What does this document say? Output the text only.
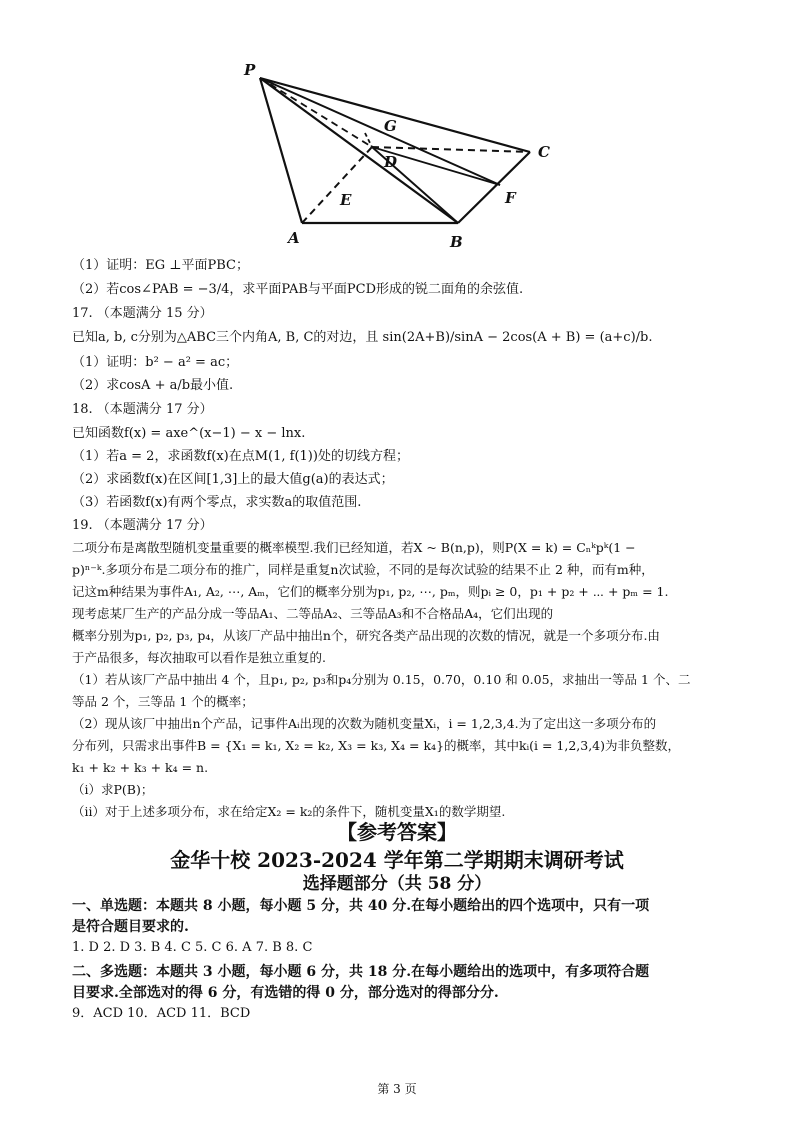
P
G
C
D
E	F
A	B
（1）证明：EG ⊥平面PBC；
（2）若cos∠PAB = −3/4，求平面PAB与平面PCD形成的锐二面角的余弦值.
17. （本题满分 15 分）
已知a, b, c分别为△ABC三个内角A, B, C的对边，且 sin(2A+B)/sinA − 2cos(A + B) = (a+c)/b.
（1）证明：b² − a² = ac；
（2）求cosA + a/b最小值.
18. （本题满分 17 分）
已知函数f(x) = axe^(x−1) − x − lnx.
（1）若a = 2，求函数f(x)在点M(1, f(1))处的切线方程；
（2）求函数f(x)在区间[1,3]上的最大值g(a)的表达式；
（3）若函数f(x)有两个零点，求实数a的取值范围.
19. （本题满分 17 分）
二项分布是离散型随机变量重要的概率模型.我们已经知道，若X ~ B(n,p)，则P(X = k) = Cₙᵏpᵏ(1 −
p)ⁿ⁻ᵏ.多项分布是二项分布的推广，同样是重复n次试验，不同的是每次试验的结果不止 2 种，而有m种，
记这m种结果为事件A₁, A₂, ⋯, Aₘ，它们的概率分别为p₁, p₂, ⋯, pₘ，则pᵢ ≥ 0，p₁ + p₂ + ⋯ + pₘ = 1.
现考虑某厂生产的产品分成一等品A₁、二等品A₂、三等品A₃和不合格品A₄，它们出现的
概率分别为p₁, p₂, p₃, p₄，从该厂产品中抽出n个，研究各类产品出现的次数的情况，就是一个多项分布.由
于产品很多，每次抽取可以看作是独立重复的.
（1）若从该厂产品中抽出 4 个，且p₁, p₂, p₃和p₄分别为 0.15，0.70，0.10 和 0.05，求抽出一等品 1 个、二
等品 2 个，三等品 1 个的概率；
（2）现从该厂中抽出n个产品，记事件Aᵢ出现的次数为随机变量Xᵢ，i = 1,2,3,4.为了定出这一多项分布的
分布列，只需求出事件B = {X₁ = k₁, X₂ = k₂, X₃ = k₃, X₄ = k₄}的概率，其中kᵢ(i = 1,2,3,4)为非负整数，
k₁ + k₂ + k₃ + k₄ = n.
（ⅰ）求P(B)；
（ⅱ）对于上述多项分布，求在给定X₂ = k₂的条件下，随机变量X₁的数学期望.
【参考答案】
金华十校 2023-2024 学年第二学期期末调研考试
选择题部分（共 58 分）
一、单选题：本题共 8 小题，每小题 5 分，共 40 分.在每小题给出的四个选项中，只有一项
是符合题目要求的.
1. D 2. D 3. B 4. C 5. C 6. A 7. B 8. C
二、多选题：本题共 3 小题，每小题 6 分，共 18 分.在每小题给出的选项中，有多项符合题
目要求.全部选对的得 6 分，有选错的得 0 分，部分选对的得部分分.
9．ACD 10．ACD 11．BCD
第 3 页
